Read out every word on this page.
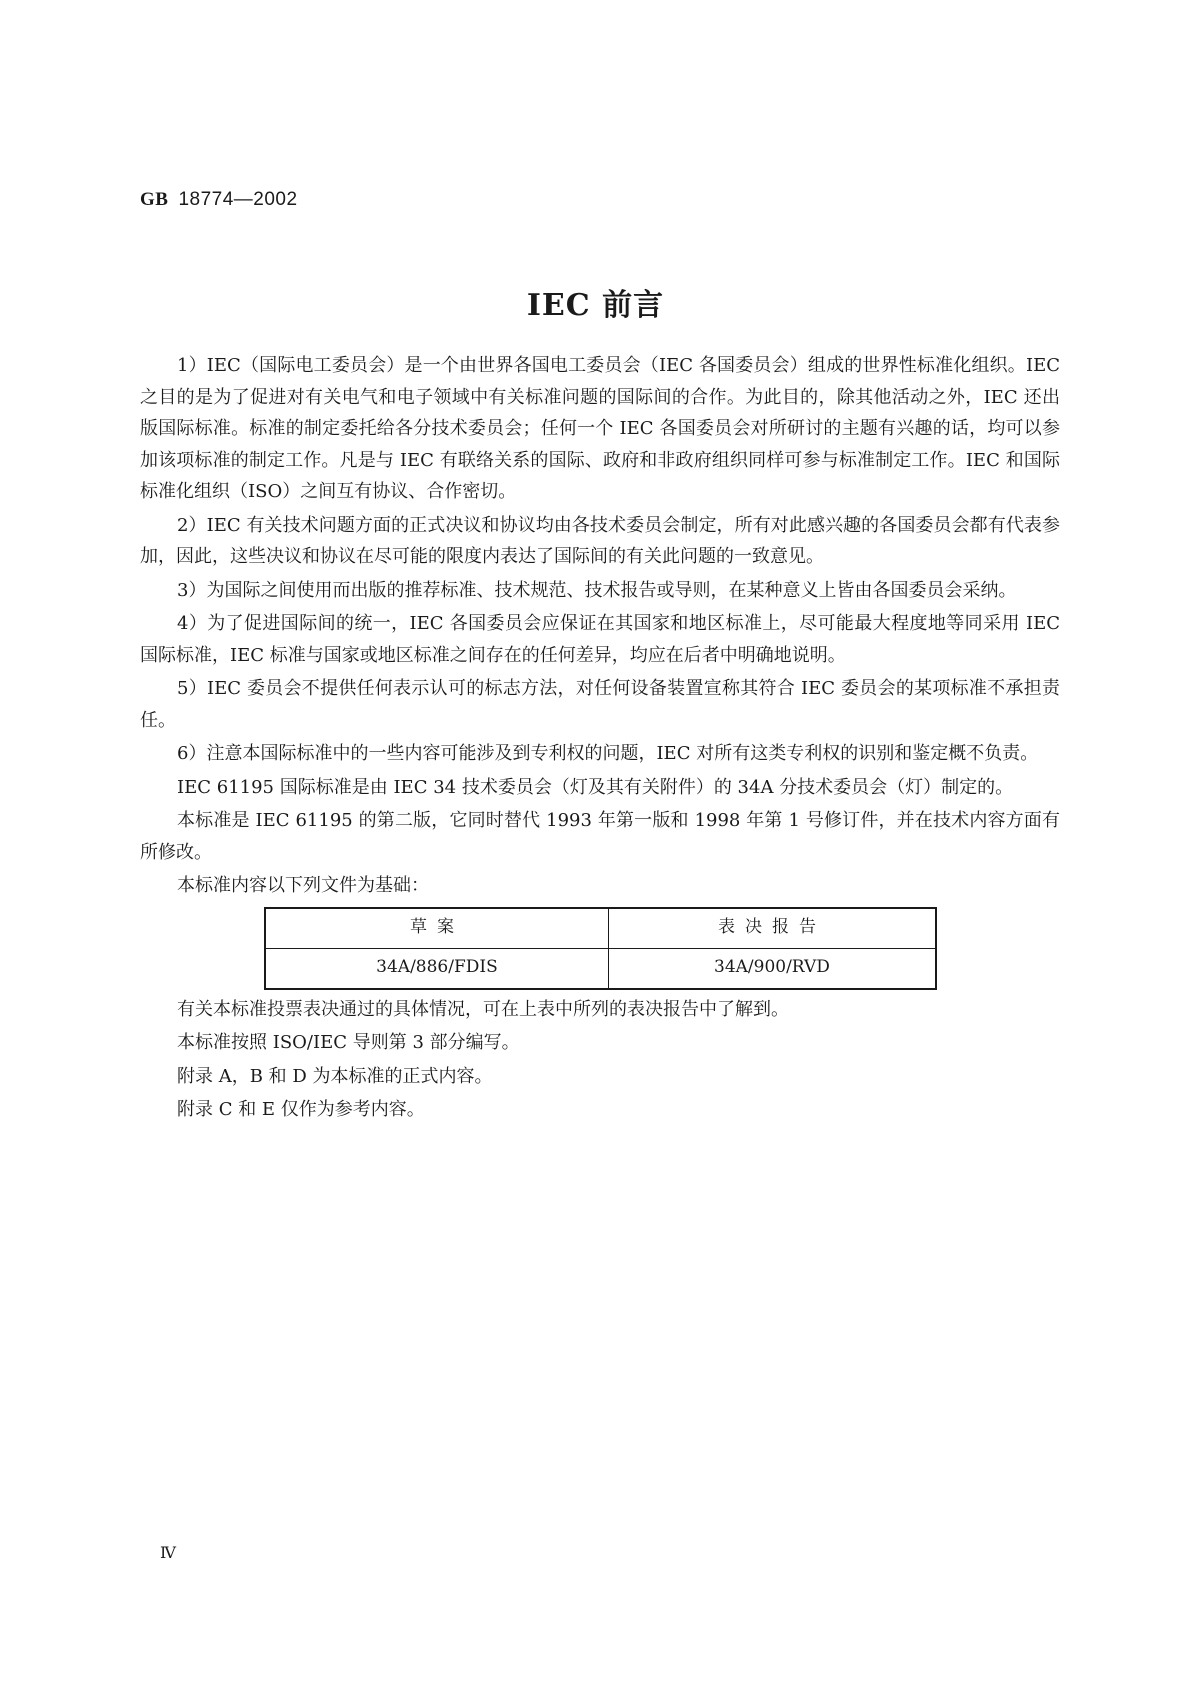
GB 18774—2002
IEC 前言

1）IEC（国际电工委员会）是一个由世界各国电工委员会（IEC 各国委员会）组成的世界性标准化组织。IEC 之目的是为了促进对有关电气和电子领域中有关标准问题的国际间的合作。为此目的，除其他活动之外，IEC 还出版国际标准。标准的制定委托给各分技术委员会；任何一个 IEC 各国委员会对所研讨的主题有兴趣的话，均可以参加该项标准的制定工作。凡是与 IEC 有联络关系的国际、政府和非政府组织同样可参与标准制定工作。IEC 和国际标准化组织（ISO）之间互有协议、合作密切。

2）IEC 有关技术问题方面的正式决议和协议均由各技术委员会制定，所有对此感兴趣的各国委员会都有代表参加，因此，这些决议和协议在尽可能的限度内表达了国际间的有关此问题的一致意见。

3）为国际之间使用而出版的推荐标准、技术规范、技术报告或导则，在某种意义上皆由各国委员会采纳。

4）为了促进国际间的统一，IEC 各国委员会应保证在其国家和地区标准上，尽可能最大程度地等同采用 IEC 国际标准，IEC 标准与国家或地区标准之间存在的任何差异，均应在后者中明确地说明。

5）IEC 委员会不提供任何表示认可的标志方法，对任何设备装置宣称其符合 IEC 委员会的某项标准不承担责任。

6）注意本国际标准中的一些内容可能涉及到专利权的问题，IEC 对所有这类专利权的识别和鉴定概不负责。

IEC 61195 国际标准是由 IEC 34 技术委员会（灯及其有关附件）的 34A 分技术委员会（灯）制定的。

本标准是 IEC 61195 的第二版，它同时替代 1993 年第一版和 1998 年第 1 号修订件，并在技术内容方面有所修改。

本标准内容以下列文件为基础：

草案	表决报告
34A/886/FDIS	34A/900/RVD

有关本标准投票表决通过的具体情况，可在上表中所列的表决报告中了解到。

本标准按照 ISO/IEC 导则第 3 部分编写。

附录 A，B 和 D 为本标准的正式内容。

附录 C 和 E 仅作为参考内容。

Ⅳ
